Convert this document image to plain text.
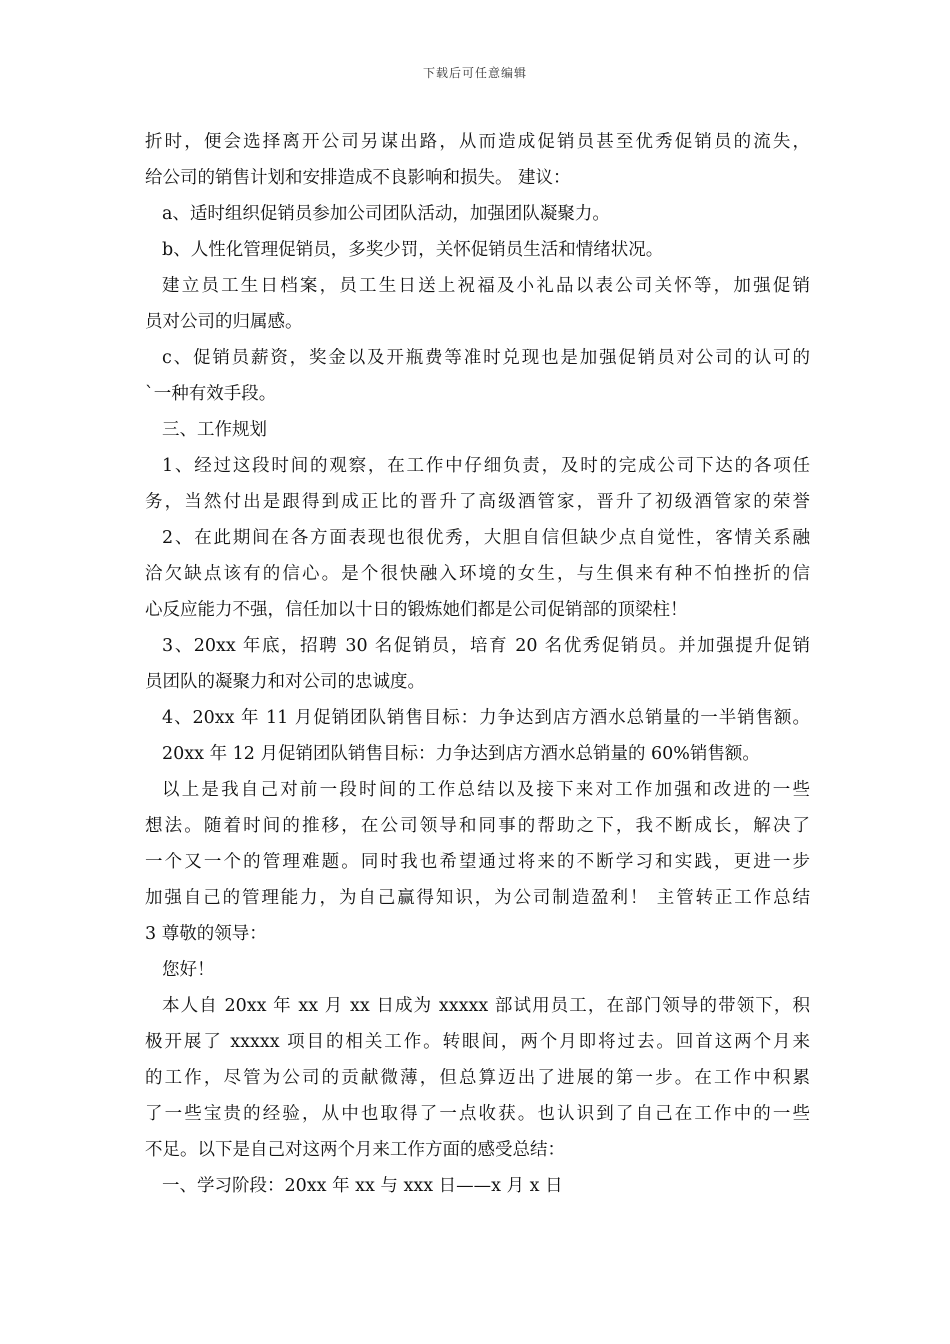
下载后可任意编辑
折时，便会选择离开公司另谋出路，从而造成促销员甚至优秀促销员的流失，
给公司的销售计划和安排造成不良影响和损失。 建议：
a、适时组织促销员参加公司团队活动，加强团队凝聚力。
b、人性化管理促销员，多奖少罚，关怀促销员生活和情绪状况。
建立员工生日档案，员工生日送上祝福及小礼品以表公司关怀等，加强促销
员对公司的归属感。
c、促销员薪资，奖金以及开瓶费等准时兑现也是加强促销员对公司的认可的
`一种有效手段。
三、工作规划
1、经过这段时间的观察，在工作中仔细负责，及时的完成公司下达的各项任
务，当然付出是跟得到成正比的晋升了高级酒管家，晋升了初级酒管家的荣誉
2、在此期间在各方面表现也很优秀，大胆自信但缺少点自觉性，客情关系融
洽欠缺点该有的信心。是个很快融入环境的女生，与生俱来有种不怕挫折的信
心反应能力不强，信任加以十日的锻炼她们都是公司促销部的顶梁柱！
3、20xx 年底，招聘 30 名促销员，培育 20 名优秀促销员。并加强提升促销
员团队的凝聚力和对公司的忠诚度。
4、20xx 年 11 月促销团队销售目标：力争达到店方酒水总销量的一半销售额。
20xx 年 12 月促销团队销售目标：力争达到店方酒水总销量的 60%销售额。
以上是我自己对前一段时间的工作总结以及接下来对工作加强和改进的一些
想法。随着时间的推移，在公司领导和同事的帮助之下，我不断成长，解决了
一个又一个的管理难题。同时我也希望通过将来的不断学习和实践，更进一步
加强自己的管理能力，为自己赢得知识，为公司制造盈利！ 主管转正工作总结
3 尊敬的领导：
您好！
本人自 20xx 年 xx 月 xx 日成为 xxxxx 部试用员工，在部门领导的带领下，积
极开展了 xxxxx 项目的相关工作。转眼间，两个月即将过去。回首这两个月来
的工作，尽管为公司的贡献微薄，但总算迈出了进展的第一步。在工作中积累
了一些宝贵的经验，从中也取得了一点收获。也认识到了自己在工作中的一些
不足。以下是自己对这两个月来工作方面的感受总结：
一、学习阶段：20xx 年 xx 与 xxx 日——x 月 x 日
